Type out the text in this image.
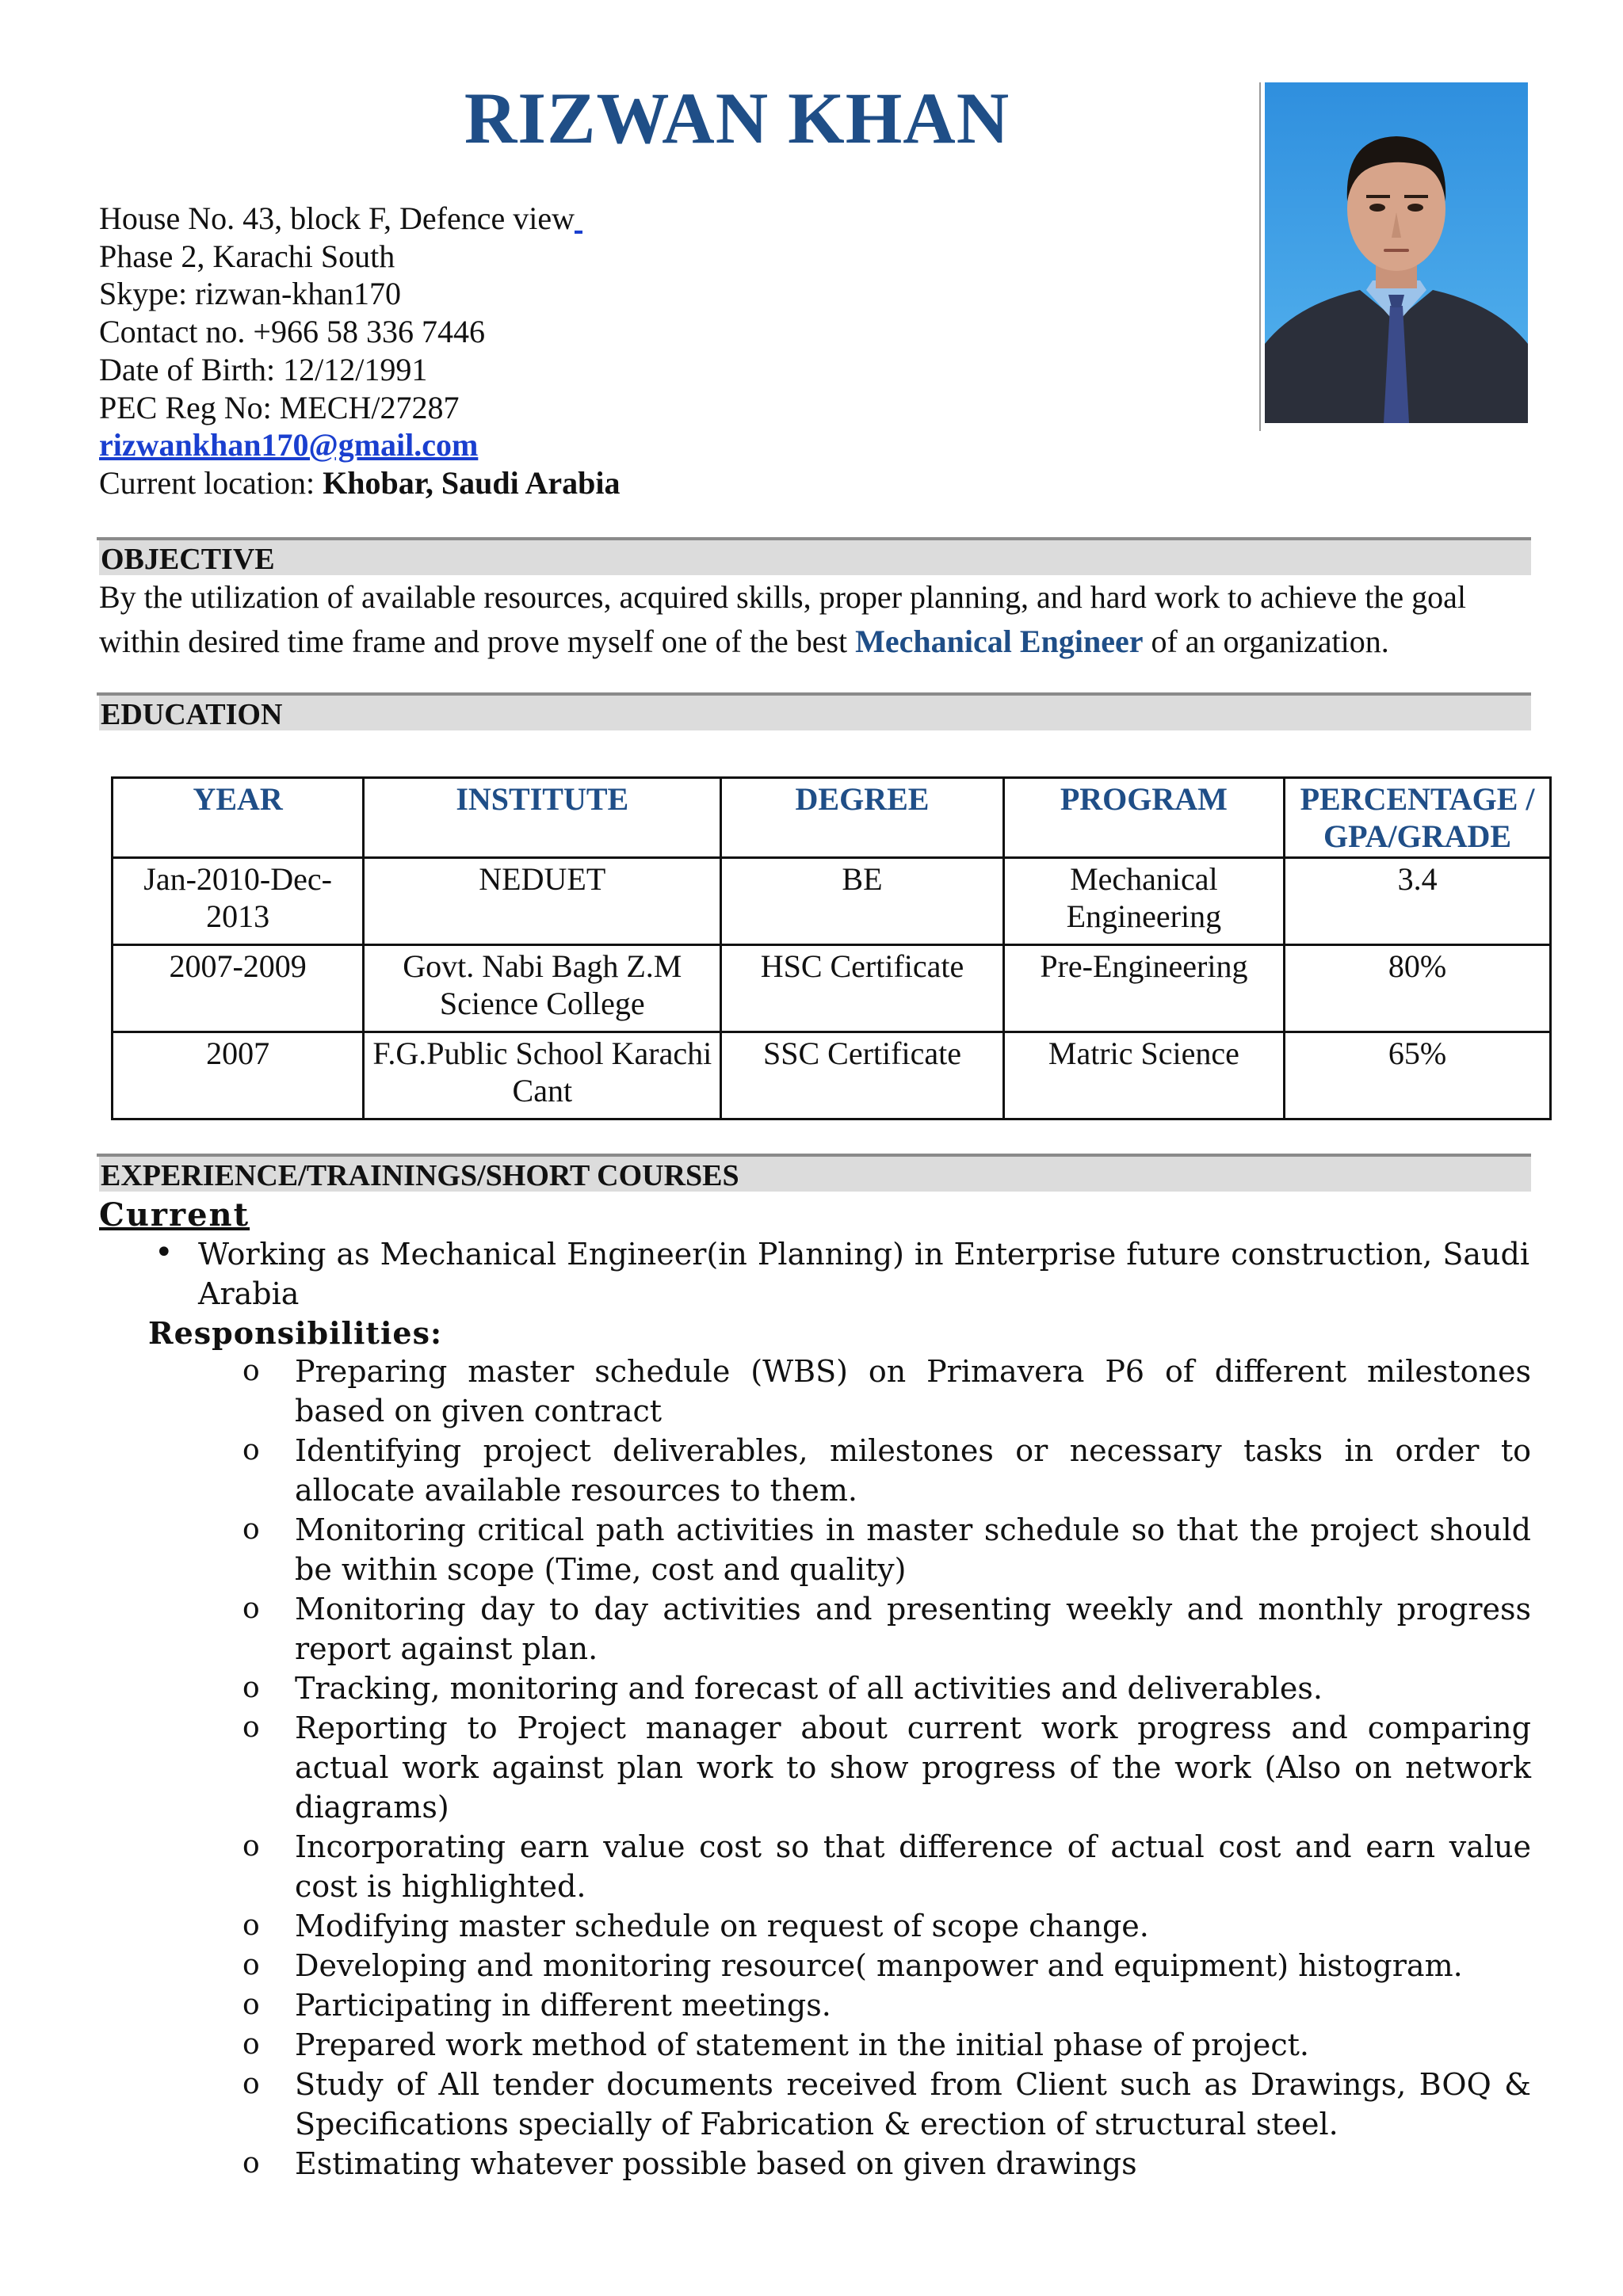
RIZWAN KHAN
House No. 43, block F, Defence view
Phase 2, Karachi South
Skype: rizwan-khan170
Contact no. +966 58 336 7446
Date of Birth: 12/12/1991
PEC Reg No: MECH/27287
rizwankhan170@gmail.com
Current location: Khobar, Saudi Arabia
OBJECTIVE
By the utilization of available resources, acquired skills, proper planning, and hard work to achieve the goal within desired time frame and prove myself one of the best Mechanical Engineer of an organization.
EDUCATION
YEAR	INSTITUTE	DEGREE	PROGRAM	PERCENTAGE / GPA/GRADE
Jan-2010-Dec-2013	NEDUET	BE	Mechanical Engineering	3.4
2007-2009	Govt. Nabi Bagh Z.M Science College	HSC Certificate	Pre-Engineering	80%
2007	F.G.Public School Karachi Cant	SSC Certificate	Matric Science	65%
EXPERIENCE/TRAININGS/SHORT COURSES
Current
• Working as Mechanical Engineer(in Planning) in Enterprise future construction, Saudi Arabia
Responsibilities:
o Preparing master schedule (WBS) on Primavera P6 of different milestones based on given contract
o Identifying project deliverables, milestones or necessary tasks in order to allocate available resources to them.
o Monitoring critical path activities in master schedule so that the project should be within scope (Time, cost and quality)
o Monitoring day to day activities and presenting weekly and monthly progress report against plan.
o Tracking, monitoring and forecast of all activities and deliverables.
o Reporting to Project manager about current work progress and comparing actual work against plan work to show progress of the work (Also on network diagrams)
o Incorporating earn value cost so that difference of actual cost and earn value cost is highlighted.
o Modifying master schedule on request of scope change.
o Developing and monitoring resource( manpower and equipment) histogram.
o Participating in different meetings.
o Prepared work method of statement in the initial phase of project.
o Study of All tender documents received from Client such as Drawings, BOQ & Specifications specially of Fabrication & erection of structural steel.
o Estimating whatever possible based on given drawings
